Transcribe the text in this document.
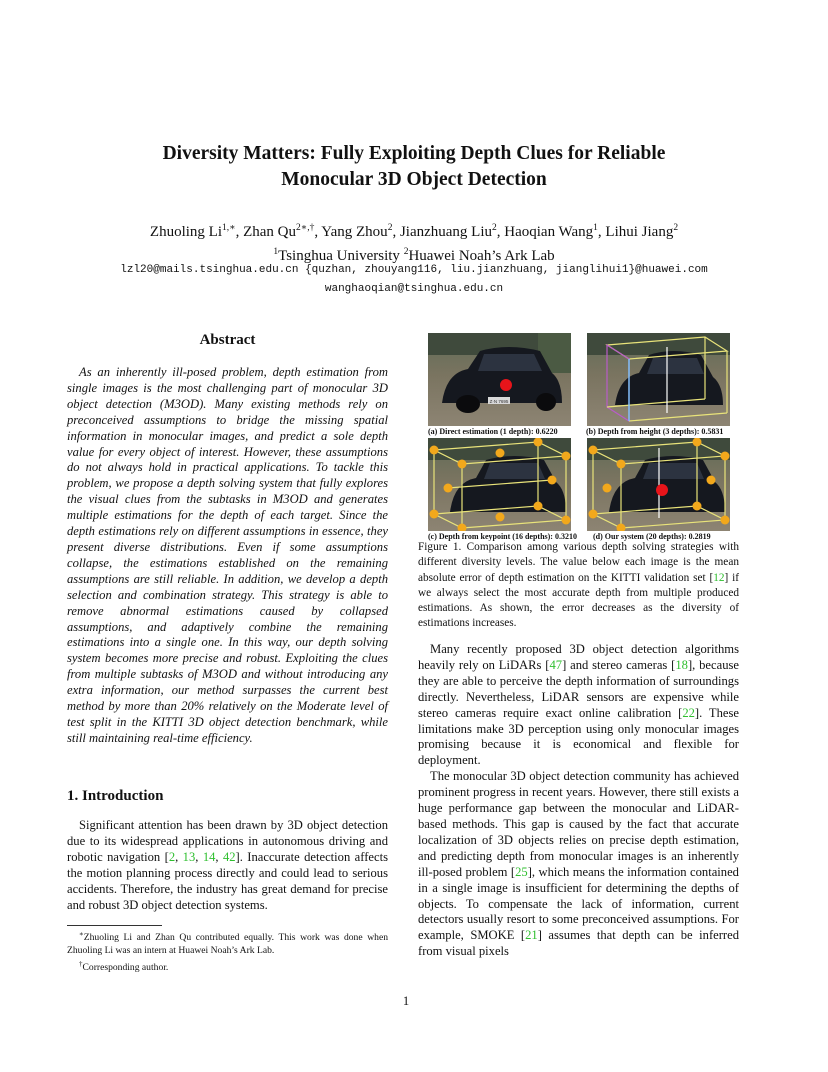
Diversity Matters: Fully Exploiting Depth Clues for Reliable
Monocular 3D Object Detection
Zhuoling $Li^{1,∗}$, Zhan $Qu^{2∗,\dagger}$, Yang Zhou$^2$, Jianzhuang Liu$^2$, Haoqian Wang$^1$, Lihui Jiang$^2$
$^1$Tsinghua University $^2$Huawei Noah’s Ark Lab
lzl20@mails.tsinghua.edu.cn {quzhan, zhouyang116, liu.jianzhuang, jianglihui1}@huawei.com
wanghaoqian@tsinghua.edu.cn
Abstract
As an inherently ill-posed problem, depth estimation from single images is the most challenging part of monocular 3D object detection (M3OD). Many existing methods rely on preconceived assumptions to bridge the missing spatial information in monocular images, and predict a sole depth value for every object of interest. However, these assumptions do not always hold in practical applications. To tackle this problem, we propose a depth solving system that fully explores the visual clues from the subtasks in M3OD and generates multiple estimations for the depth of each target. Since the depth estimations rely on different assumptions in essence, they present diverse distributions. Even if some assumptions collapse, the estimations established on the remaining assumptions are still reliable. In addition, we develop a depth selection and combination strategy. This strategy is able to remove abnormal estimations caused by collapsed assumptions, and adaptively combine the remaining estimations into a single one. In this way, our depth solving system becomes more precise and robust. Exploiting the clues from multiple subtasks of M3OD and without introducing any extra information, our method surpasses the current best method by more than 20% relatively on the Moderate level of test split in the KITTI 3D object detection benchmark, while still maintaining real-time efficiency.
1. Introduction
Significant attention has been drawn by 3D object detection due to its widespread applications in autonomous driving and robotic navigation [2, 13, 14, 42]. Inaccurate detection affects the motion planning process directly and could lead to serious accidents. Therefore, the industry has great demand for precise and robust 3D object detection systems.
∗Zhuoling Li and Zhan Qu contributed equally. This work was done when Zhuoling Li was an intern at Huawei Noah’s Ark Lab.
†Corresponding author.
Z·N 7695
(a) Direct estimation (1 depth): 0.6220	(b) Depth from height (3 depths): 0.5831
(c) Depth from keypoint (16 depths): 0.3210 (d) Our system (20 depths): 0.2819
Figure 1. Comparison among various depth solving strategies with different diversity levels. The value below each image is the mean absolute error of depth estimation on the KITTI validation set [12] if we always select the most accurate depth from multiple produced estimations. As shown, the error decreases as the diversity of estimations increases.

Many recently proposed 3D object detection algorithms heavily rely on LiDARs [47] and stereo cameras [18], because they are able to perceive the depth information of surroundings directly. Nevertheless, LiDAR sensors are expensive while stereo cameras require exact online calibration [22]. These limitations make 3D perception using only monocular images promising because it is economical and flexible for deployment.

The monocular 3D object detection community has achieved prominent progress in recent years. However, there still exists a huge performance gap between the monocular and LiDAR-based methods. This gap is caused by the fact that accurate localization of 3D objects relies on precise depth estimation, and predicting depth from monocular images is an inherently ill-posed problem [25], which means the information contained in a single image is insufficient for determining the depths of objects. To compensate the lack of information, current detectors usually resort to some preconceived assumptions. For example, SMOKE [21] assumes that depth can be inferred from visual pixels

1
